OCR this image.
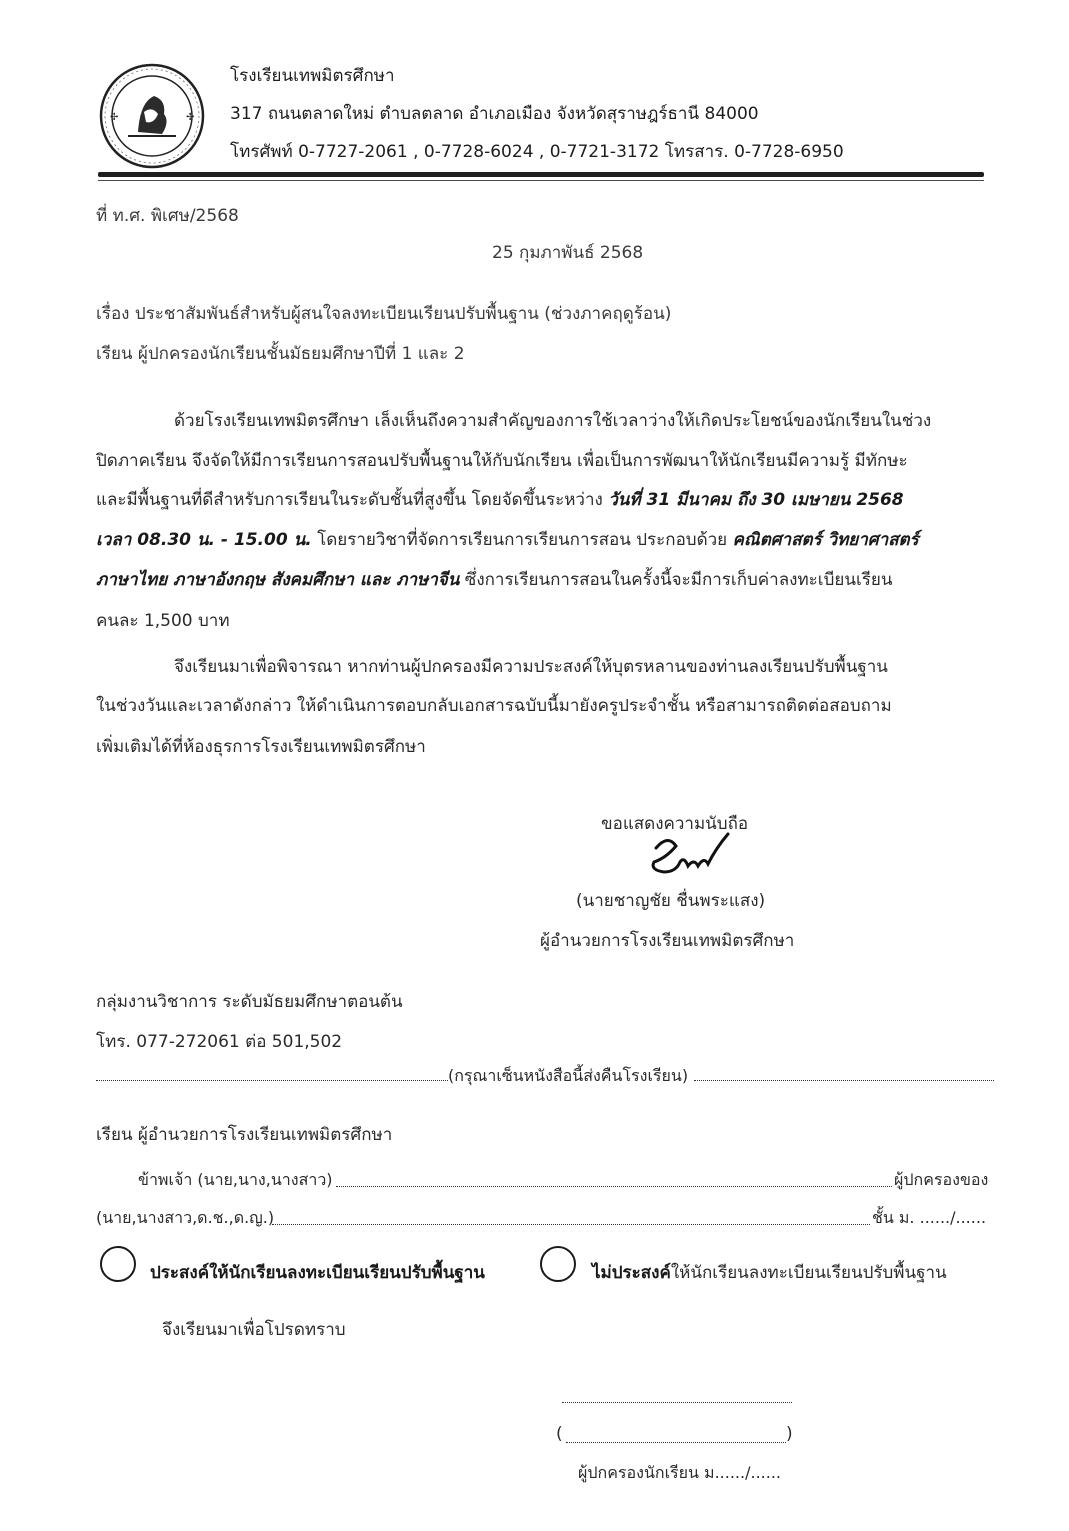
✢	✢
โรงเรียนเทพมิตรศึกษา
317 ถนนตลาดใหม่ ตำบลตลาด อำเภอเมือง จังหวัดสุราษฎร์ธานี 84000
โทรศัพท์ 0-7727-2061 , 0-7728-6024 , 0-7721-3172 โทรสาร. 0-7728-6950
ที่ ท.ศ. พิเศษ/2568
25 กุมภาพันธ์ 2568
เรื่อง ประชาสัมพันธ์สำหรับผู้สนใจลงทะเบียนเรียนปรับพื้นฐาน (ช่วงภาคฤดูร้อน)
เรียน ผู้ปกครองนักเรียนชั้นมัธยมศึกษาปีที่ 1 และ 2
ด้วยโรงเรียนเทพมิตรศึกษา เล็งเห็นถึงความสำคัญของการใช้เวลาว่างให้เกิดประโยชน์ของนักเรียนในช่วง
ปิดภาคเรียน จึงจัดให้มีการเรียนการสอนปรับพื้นฐานให้กับนักเรียน เพื่อเป็นการพัฒนาให้นักเรียนมีความรู้ มีทักษะ
และมีพื้นฐานที่ดีสำหรับการเรียนในระดับชั้นที่สูงขึ้น โดยจัดขึ้นระหว่าง วันที่ 31 มีนาคม ถึง 30 เมษายน 2568
เวลา 08.30 น. - 15.00 น. โดยรายวิชาที่จัดการเรียนการเรียนการสอน ประกอบด้วย คณิตศาสตร์ วิทยาศาสตร์
ภาษาไทย ภาษาอังกฤษ สังคมศึกษา และ ภาษาจีน ซึ่งการเรียนการสอนในครั้งนี้จะมีการเก็บค่าลงทะเบียนเรียน
คนละ 1,500 บาท
จึงเรียนมาเพื่อพิจารณา หากท่านผู้ปกครองมีความประสงค์ให้บุตรหลานของท่านลงเรียนปรับพื้นฐาน
ในช่วงวันและเวลาดังกล่าว ให้ดำเนินการตอบกลับเอกสารฉบับนี้มายังครูประจำชั้น หรือสามารถติดต่อสอบถาม
เพิ่มเติมได้ที่ห้องธุรการโรงเรียนเทพมิตรศึกษา
ขอแสดงความนับถือ
(นายชาญชัย ชื่นพระแสง)
ผู้อำนวยการโรงเรียนเทพมิตรศึกษา
กลุ่มงานวิชาการ ระดับมัธยมศึกษาตอนต้น
โทร. 077-272061 ต่อ 501,502
(กรุณาเซ็นหนังสือนี้ส่งคืนโรงเรียน)
เรียน ผู้อำนวยการโรงเรียนเทพมิตรศึกษา
ข้าพเจ้า (นาย,นาง,นางสาว)	ผู้ปกครองของ
(นาย,นางสาว,ด.ช.,ด.ญ.)	ชั้น ม. ....../......
ประสงค์ให้นักเรียนลงทะเบียนเรียนปรับพื้นฐาน	ไม่ประสงค์ให้นักเรียนลงทะเบียนเรียนปรับพื้นฐาน
จึงเรียนมาเพื่อโปรดทราบ
(	)
ผู้ปกครองนักเรียน ม....../......
